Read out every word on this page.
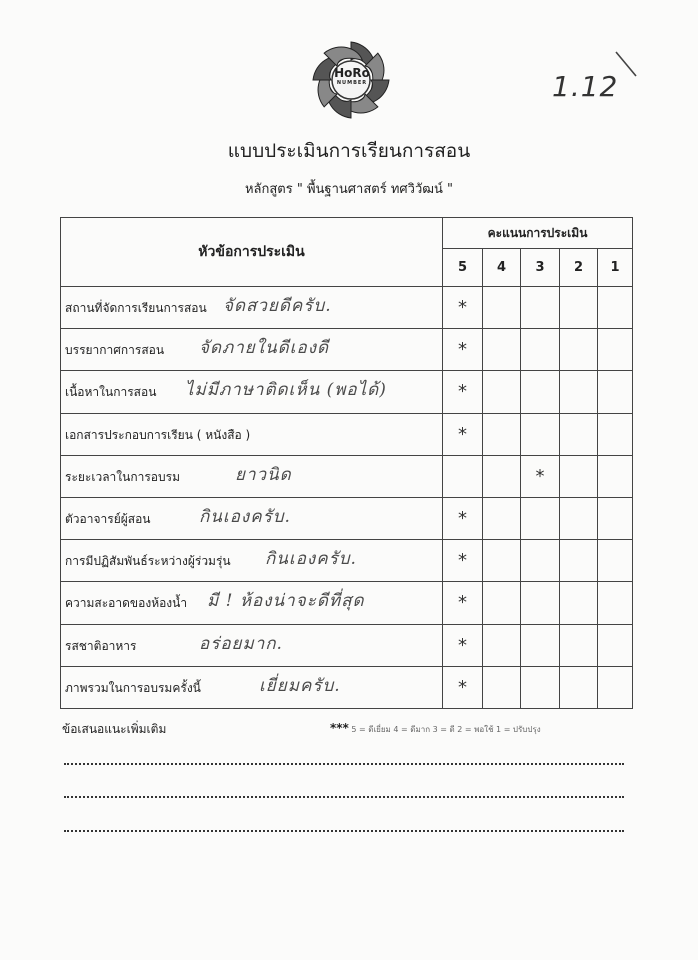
HoRo
NUMBER	1.12
แบบประเมินการเรียนการสอน
หลักสูตร " พื้นฐานศาสตร์ ทศวิวัฒน์ "
หัวข้อการประเมิน	คะแนนการประเมิน				
	5	4	3	2	1

สถานที่จัดการเรียนการสอน จัดสวยดีครับ.	*				

บรรยากาศการสอน จัดภายในดีเองดี	*				

เนื้อหาในการสอน ไม่มีภาษาติดเห็น (พอได้)	*				

เอกสารประกอบการเรียน ( หนังสือ )	*				

ระยะเวลาในการอบรม ยาวนิด			*		

ตัวอาจารย์ผู้สอน กินเองครับ.	*				

การมีปฏิสัมพันธ์ระหว่างผู้ร่วมรุ่น กินเองครับ.	*				

ความสะอาดของห้องน้ำ มี ! ห้องน่าจะดีที่สุด	*				

รสชาติอาหาร อร่อยมาก.	*				

ภาพรวมในการอบรมครั้งนี้ เยี่ยมครับ.	*				
ข้อเสนอแนะเพิ่มเติม	*** 5 = ดีเยี่ยม 4 = ดีมาก 3 = ดี 2 = พอใช้ 1 = ปรับปรุง
